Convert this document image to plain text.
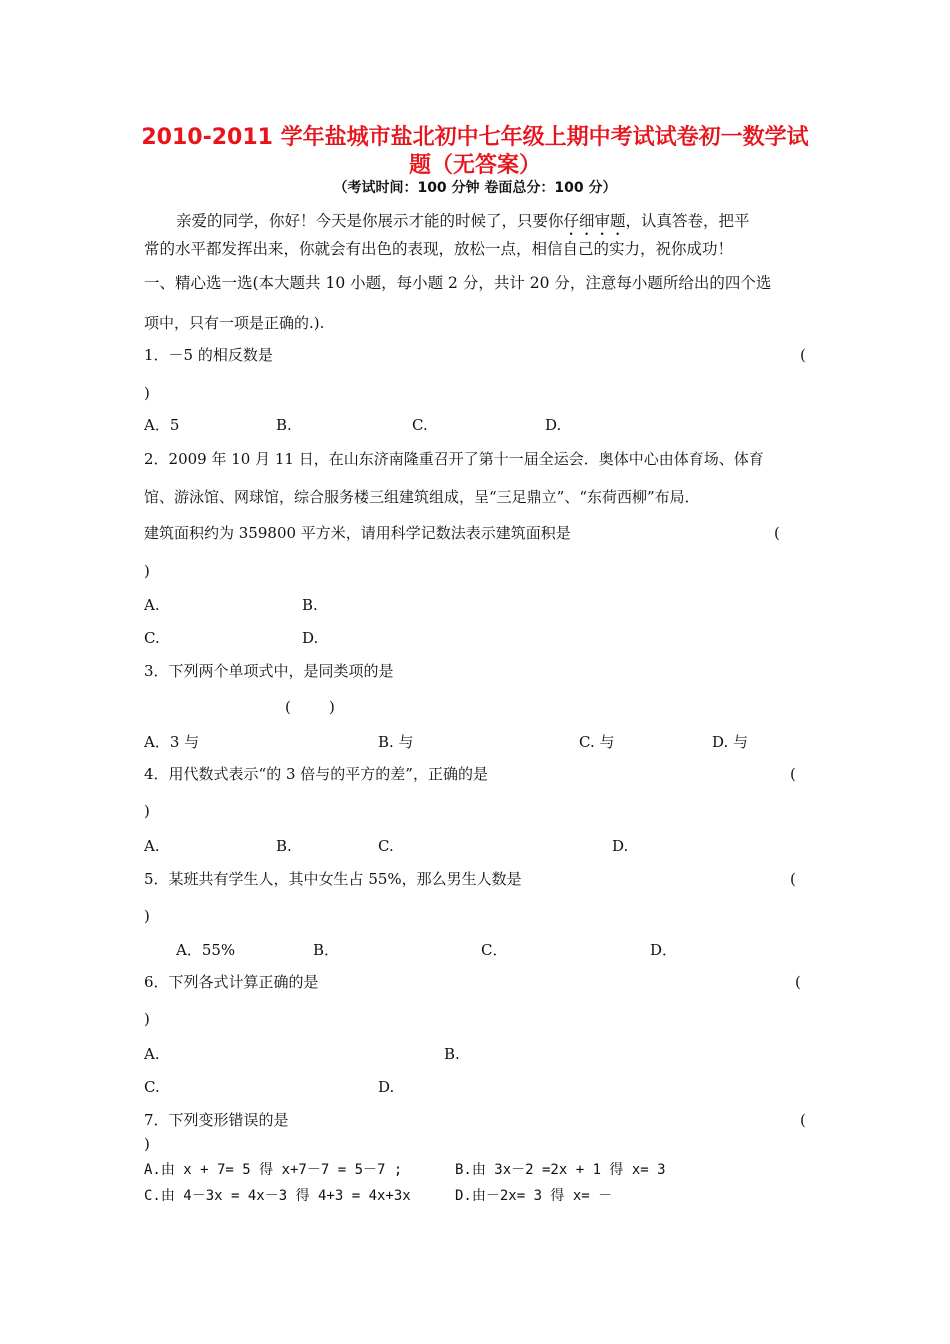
2010-2011 学年盐城市盐北初中七年级上期中考试试卷初一数学试
题（无答案）
（考试时间：100 分钟 卷面总分：100 分）
亲爱的同学，你好！今天是你展示才能的时候了，只要你仔细审题，认真答卷，把平
常的水平都发挥出来，你就会有出色的表现，放松一点，相信自己的实力，祝你成功！
一、精心选一选(本大题共 10 小题，每小题 2 分，共计 20 分，注意每小题所给出的四个选
项中，只有一项是正确的.).
1．－5 的相反数是	(
)
A．5	B.	C.	D.
2．2009 年 10 月 11 日，在山东济南隆重召开了第十一届全运会．奥体中心由体育场、体育
馆、游泳馆、网球馆，综合服务楼三组建筑组成，呈“三足鼎立”、“东荷西柳”布局．
建筑面积约为 359800 平方米，请用科学记数法表示建筑面积是	(
)
A.	B.
C.	D.
3．下列两个单项式中，是同类项的是
(        )
A．3 与	B. 与	C. 与	D. 与
4．用代数式表示“的 3 倍与的平方的差”，正确的是	(
)
A.	B.	C.	D.
5．某班共有学生人，其中女生占 55%，那么男生人数是	(
)
A．55%	B．	C．	D．
6．下列各式计算正确的是	(
)
A.	B.
C.	D.
7．下列变形错误的是	(
)
A.由 x + 7= 5 得 x+7－7 = 5－7 ;	B.由 3x－2 =2x + 1 得 x= 3
C.由 4－3x = 4x－3 得 4+3 = 4x+3x	D.由－2x= 3 得 x= －
